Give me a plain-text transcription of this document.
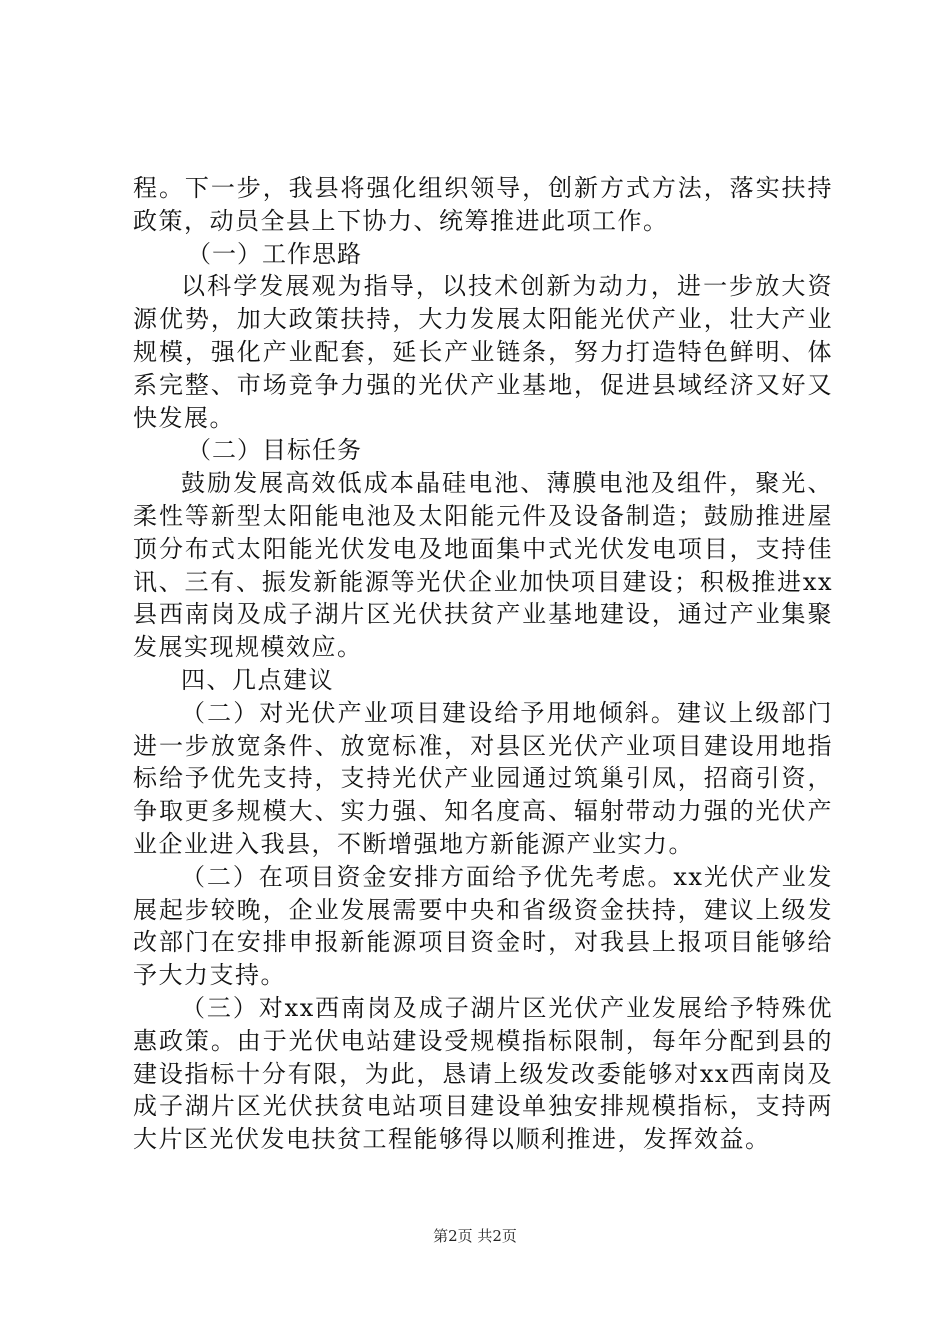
程。下一步，我县将强化组织领导，创新方式方法，落实扶持政策，动员全县上下协力、统筹推进此项工作。

（一）工作思路

以科学发展观为指导，以技术创新为动力，进一步放大资源优势，加大政策扶持，大力发展太阳能光伏产业，壮大产业规模，强化产业配套，延长产业链条，努力打造特色鲜明、体系完整、市场竞争力强的光伏产业基地，促进县域经济又好又快发展。

（二）目标任务

鼓励发展高效低成本晶硅电池、薄膜电池及组件，聚光、柔性等新型太阳能电池及太阳能元件及设备制造；鼓励推进屋顶分布式太阳能光伏发电及地面集中式光伏发电项目，支持佳讯、三有、振发新能源等光伏企业加快项目建设；积极推进xx县西南岗及成子湖片区光伏扶贫产业基地建设，通过产业集聚发展实现规模效应。

四、几点建议

（二）对光伏产业项目建设给予用地倾斜。建议上级部门进一步放宽条件、放宽标准，对县区光伏产业项目建设用地指标给予优先支持，支持光伏产业园通过筑巢引凤，招商引资，争取更多规模大、实力强、知名度高、辐射带动力强的光伏产业企业进入我县，不断增强地方新能源产业实力。

（二）在项目资金安排方面给予优先考虑。xx光伏产业发展起步较晚，企业发展需要中央和省级资金扶持，建议上级发改部门在安排申报新能源项目资金时，对我县上报项目能够给予大力支持。

（三）对xx西南岗及成子湖片区光伏产业发展给予特殊优惠政策。由于光伏电站建设受规模指标限制，每年分配到县的建设指标十分有限，为此，恳请上级发改委能够对xx西南岗及成子湖片区光伏扶贫电站项目建设单独安排规模指标，支持两大片区光伏发电扶贫工程能够得以顺利推进，发挥效益。

第2页 共2页
